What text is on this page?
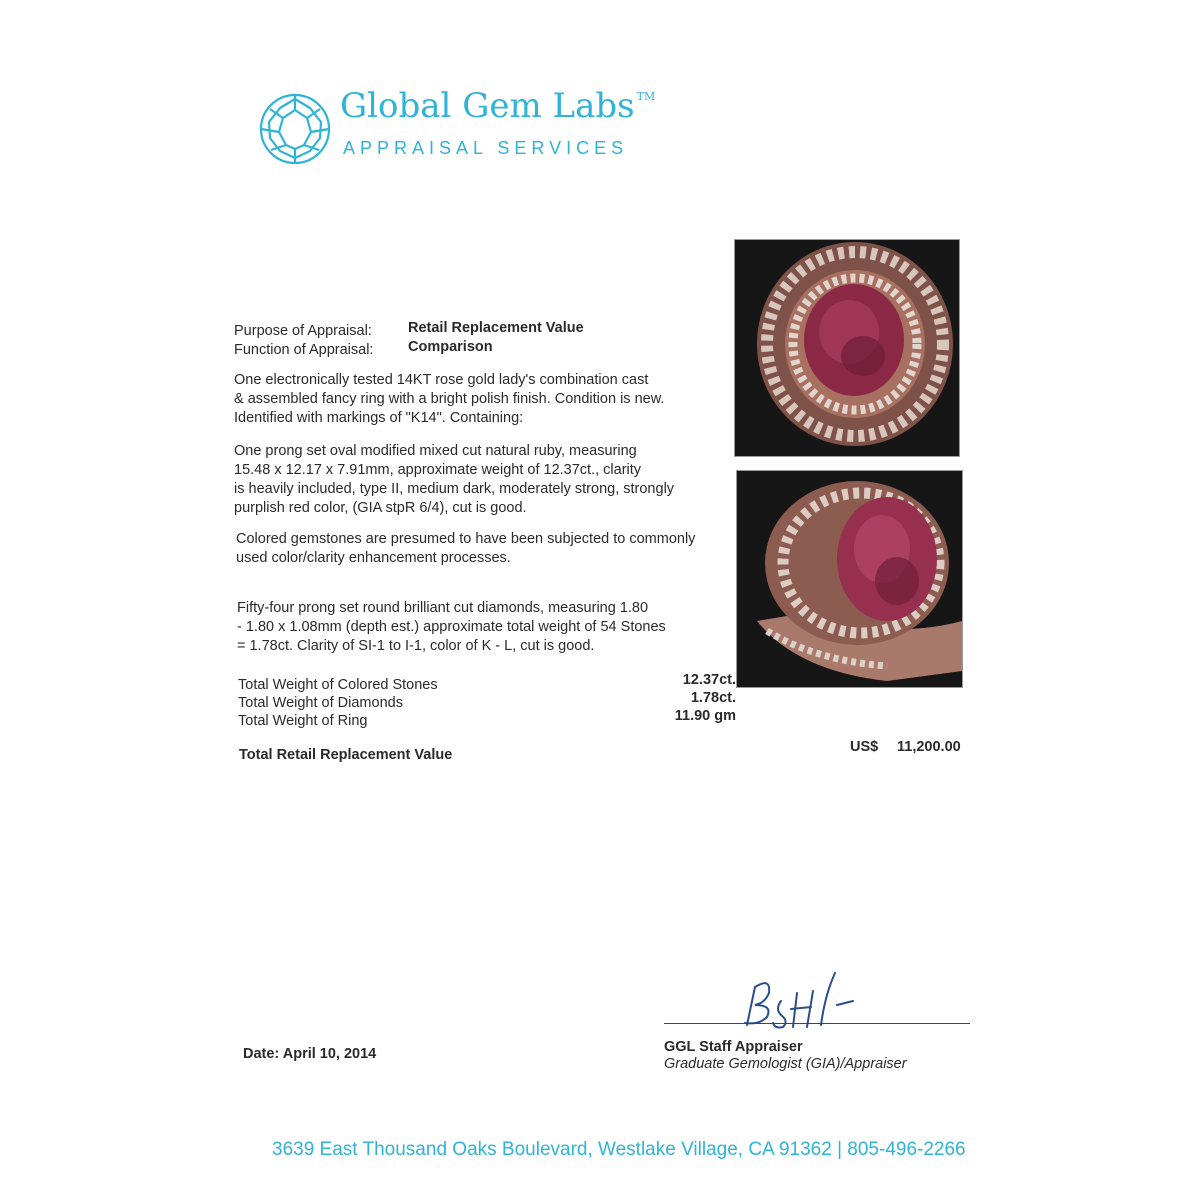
Global Gem Labs ™
APPRAISAL SERVICES
Purpose of Appraisal: Retail Replacement Value
Function of Appraisal: Comparison
One electronically tested 14KT rose gold lady's combination cast
& assembled fancy ring with a bright polish finish. Condition is new.
Identified with markings of "K14". Containing:
One prong set oval modified mixed cut natural ruby, measuring
15.48 x 12.17 x 7.91mm, approximate weight of 12.37ct., clarity
is heavily included, type II, medium dark, moderately strong, strongly
purplish red color, (GIA stpR 6/4), cut is good.
Colored gemstones are presumed to have been subjected to commonly
used color/clarity enhancement processes.
Fifty-four prong set round brilliant cut diamonds, measuring 1.80
- 1.80 x 1.08mm (depth est.) approximate total weight of 54 Stones
= 1.78ct. Clarity of SI-1 to I-1, color of K - L, cut is good.
Total Weight of Colored Stones
Total Weight of Diamonds
Total Weight of Ring
12.37ct.
1.78ct.
11.90 gm
Total Retail Replacement Value	US$ 11,200.00
Date: April 10, 2014	GGL Staff Appraiser
Graduate Gemologist (GIA)/Appraiser
3639 East Thousand Oaks Boulevard, Westlake Village, CA 91362 | 805-496-2266
